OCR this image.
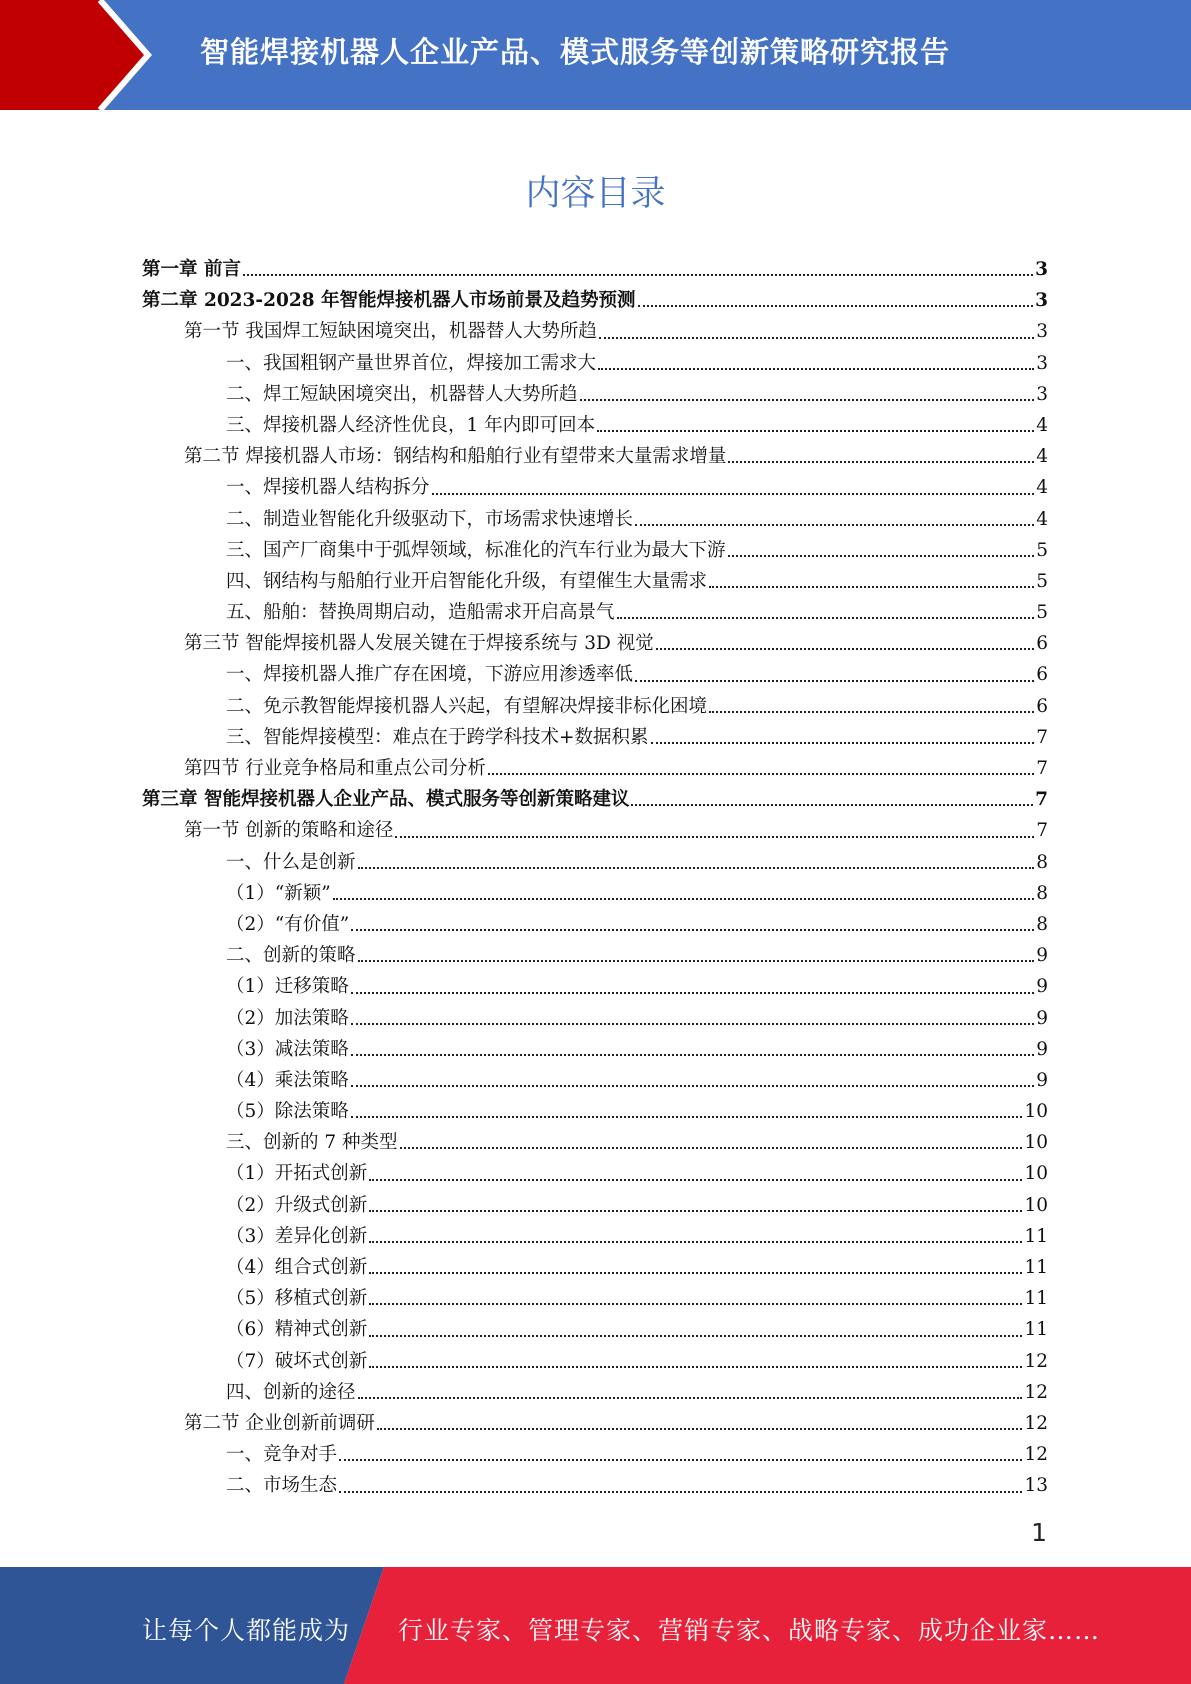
智能焊接机器人企业产品、模式服务等创新策略研究报告
内容目录
第一章 前言	3
第二章 2023-2028 年智能焊接机器人市场前景及趋势预测	3
第一节 我国焊工短缺困境突出，机器替人大势所趋	3
一、我国粗钢产量世界首位，焊接加工需求大	3
二、焊工短缺困境突出，机器替人大势所趋	3
三、焊接机器人经济性优良，1 年内即可回本	4
第二节 焊接机器人市场：钢结构和船舶行业有望带来大量需求增量	4
一、焊接机器人结构拆分	4
二、制造业智能化升级驱动下，市场需求快速增长	4
三、国产厂商集中于弧焊领域，标准化的汽车行业为最大下游	5
四、钢结构与船舶行业开启智能化升级，有望催生大量需求	5
五、船舶：替换周期启动，造船需求开启高景气	5
第三节 智能焊接机器人发展关键在于焊接系统与 3D 视觉	6
一、焊接机器人推广存在困境，下游应用渗透率低	6
二、免示教智能焊接机器人兴起，有望解决焊接非标化困境	6
三、智能焊接模型：难点在于跨学科技术+数据积累	7
第四节 行业竞争格局和重点公司分析	7
第三章 智能焊接机器人企业产品、模式服务等创新策略建议	7
第一节 创新的策略和途径	7
一、什么是创新	8
（1）“新颖”	8
（2）“有价值”	8
二、创新的策略	9
（1）迁移策略	9
（2）加法策略	9
（3）减法策略	9
（4）乘法策略	9
（5）除法策略	10
三、创新的 7 种类型	10
（1）开拓式创新	10
（2）升级式创新	10
（3）差异化创新	11
（4）组合式创新	11
（5）移植式创新	11
（6）精神式创新	11
（7）破坏式创新	12
四、创新的途径	12
第二节 企业创新前调研	12
一、竞争对手	12
二、市场生态	13
1
让每个人都能成为 行业专家、管理专家、营销专家、战略专家、成功企业家……
